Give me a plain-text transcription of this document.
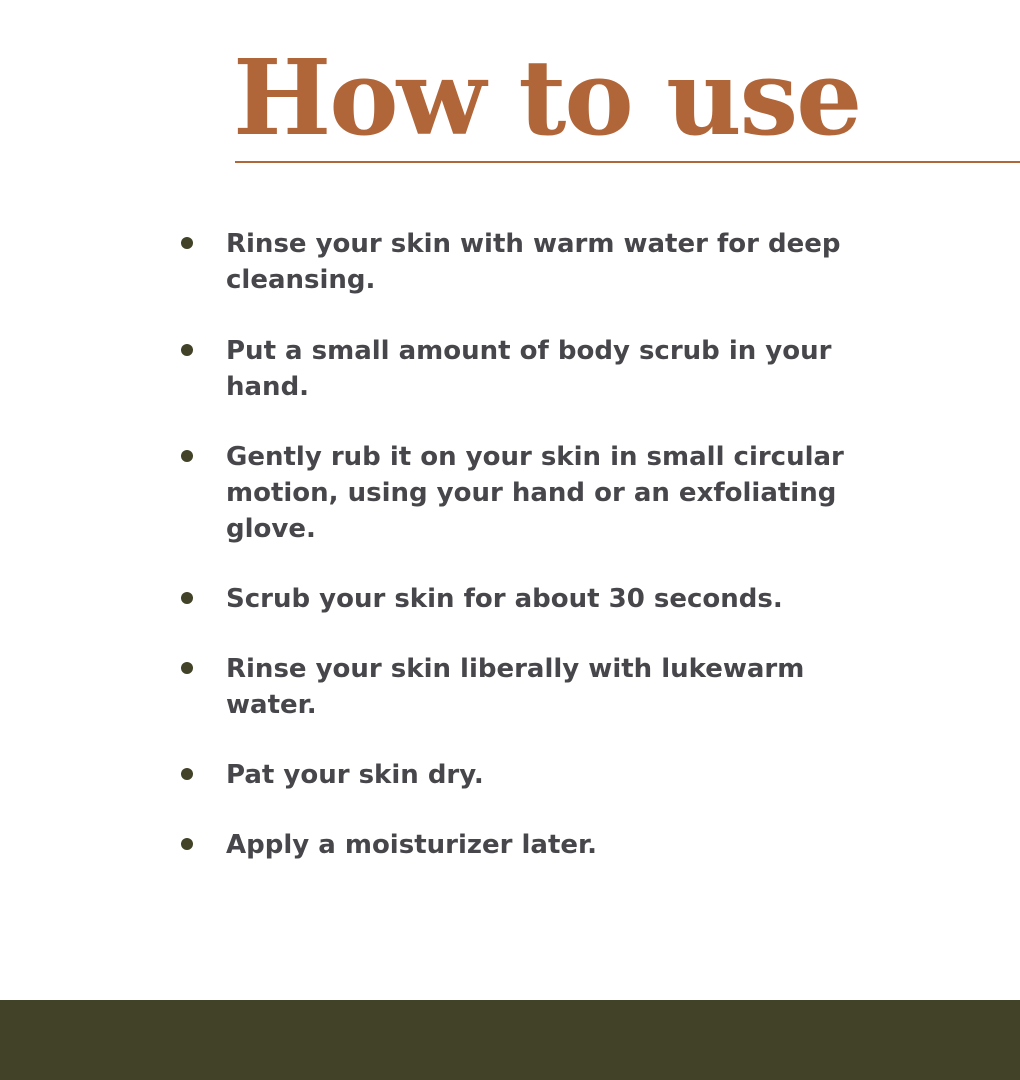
How to use
Rinse your skin with warm water for deep cleansing.
Put a small amount of body scrub in your hand.
Gently rub it on your skin in small circular motion, using your hand or an exfoliating glove.
Scrub your skin for about 30 seconds.
Rinse your skin liberally with lukewarm water.
Pat your skin dry.
Apply a moisturizer later.
